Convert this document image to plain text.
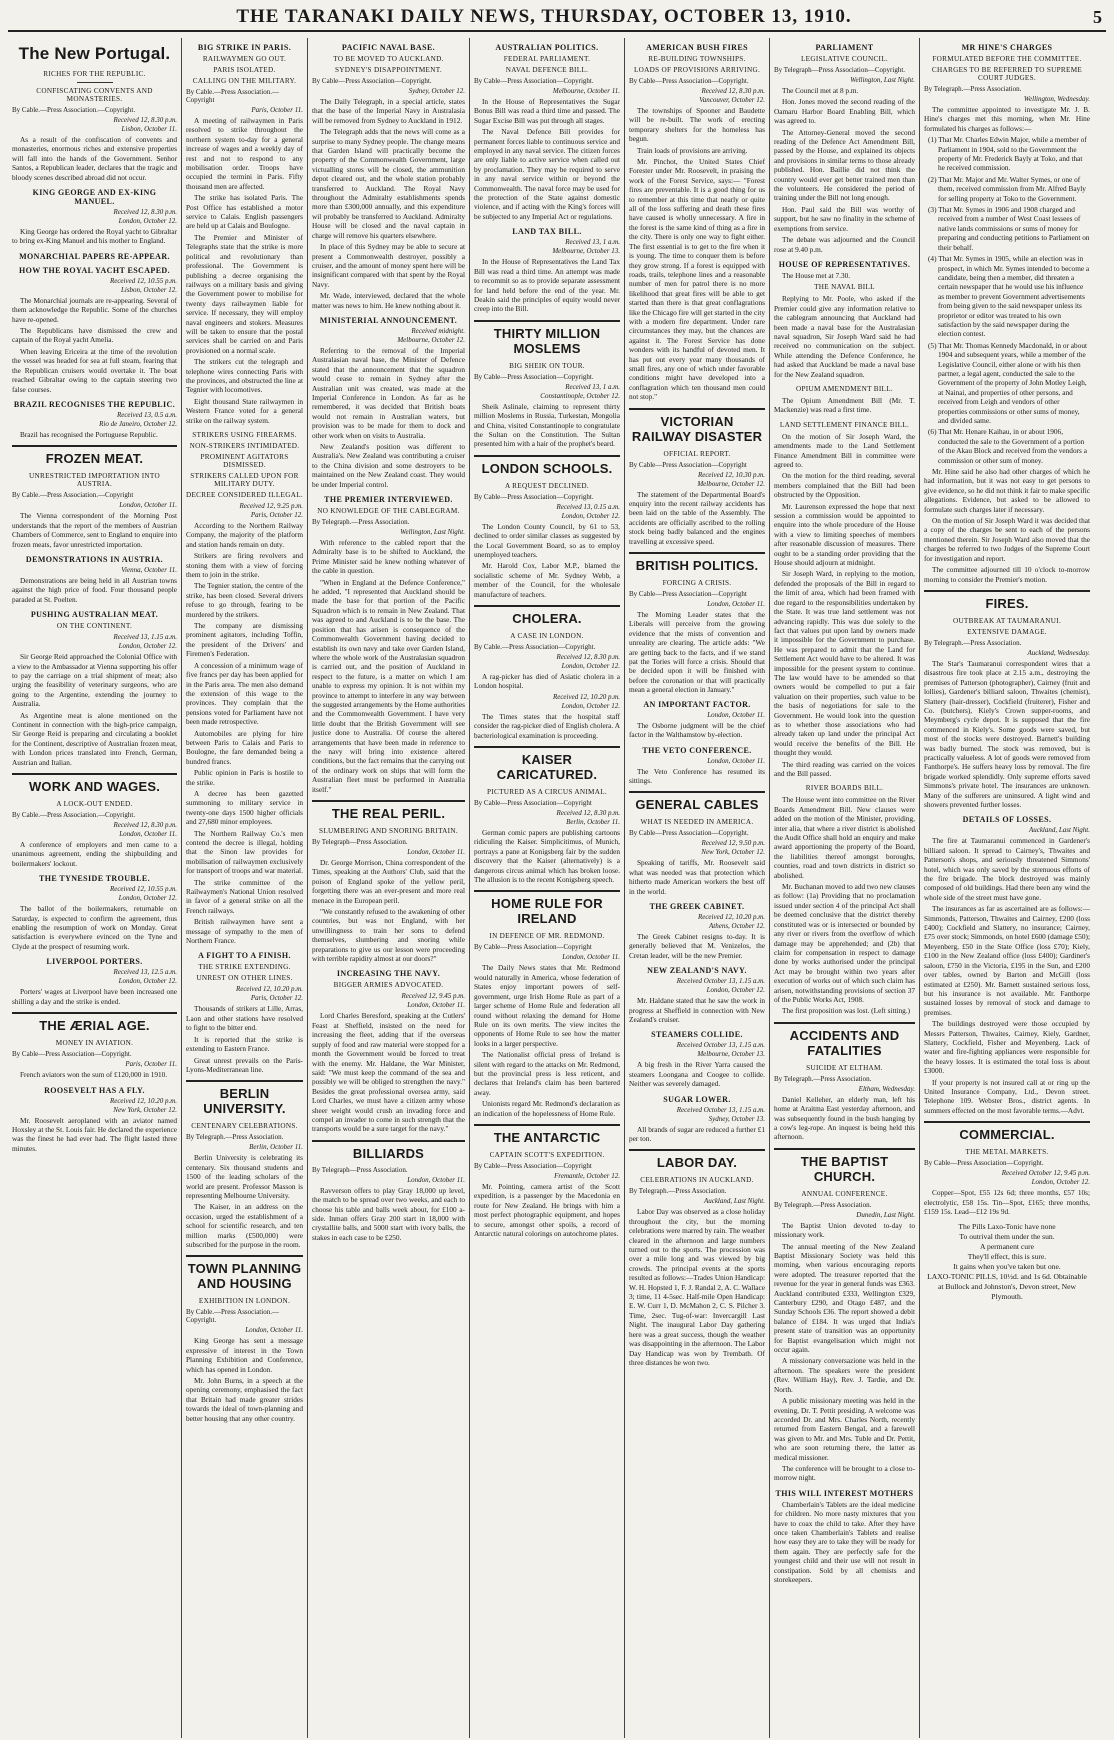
THE TARANAKI DAILY NEWS, THURSDAY, OCTOBER 13, 1910.	5
The New Portugal.
RICHES FOR THE REPUBLIC.
CONFISCATING CONVENTS AND MONASTERIES.
By Cable.—Press Association.—Copyright.
Received 12, 8.30 p.m.
Lisbon, October 11.

As a result of the confiscation of convents and monasteries, enormous riches and extensive properties will fall into the hands of the Government. Senhor Santos, a Republican leader, declares that the tragic and bloody scenes described abroad did not occur.

KING GEORGE AND EX-KING MANUEL.
Received 12, 8.30 p.m.
London, October 12.

King George has ordered the Royal yacht to Gibraltar to bring ex-King Manuel and his mother to England.

MONARCHIAL PAPERS RE-APPEAR.
HOW THE ROYAL YACHT ESCAPED.
Received 12, 10.55 p.m.
Lisbon, October 12.

The Monarchial journals are re-appearing. Several of them acknowledge the Republic. Some of the churches have re-opened.

The Republicans have dismissed the crew and captain of the Royal yacht Amelia.

When leaving Ericeira at the time of the revolution the vessel was headed for sea at full steam, fearing that the Republican cruisers would overtake it. The boat reached Gibraltar owing to the captain steering two false courses.

BRAZIL RECOGNISES THE REPUBLIC.
Received 13, 0.5 a.m.
Rio de Janeiro, October 12.

Brazil has recognised the Portuguese Republic.

FROZEN MEAT.
UNRESTRICTED IMPORTATION INTO AUSTRIA.
By Cable.—Press Association.—Copyright
London, October 11.

The Vienna correspondent of the Morning Post understands that the report of the members of Austrian Chambers of Commerce, sent to England to enquire into frozen meats, favor unrestricted importation.

DEMONSTRATIONS IN AUSTRIA.
Vienna, October 11.

Demonstrations are being held in all Austrian towns against the high price of food. Four thousand people paraded at St. Poelten.

PUSHING AUSTRALIAN MEAT.
ON THE CONTINENT.
Received 13, 1.15 a.m.
London, October 12.

Sir George Reid approached the Colonial Office with a view to the Ambassador at Vienna supporting his offer to pay the carriage on a trial shipment of meat; also urging the feasibility of veterinary surgeons, who are going to the Argentine, extending the journey to Australia.

As Argentine meat is alone mentioned on the Continent in connection with the high-price campaign, Sir George Reid is preparing and circulating a booklet for the Continent, descriptive of Australian frozen meat, with London prices translated into French, German, Austrian and Italian.

WORK AND WAGES.
A LOCK-OUT ENDED.
By Cable.—Press Association.—Copyright.
Received 12, 8.30 p.m.
London, October 11.

A conference of employers and men came to a unanimous agreement, ending the shipbuilding and boilermakers' lockout.

THE TYNESIDE TROUBLE.
Received 12, 10.55 p.m.
London, October 12.

The ballot of the boilermakers, returnable on Saturday, is expected to confirm the agreement, thus enabling the resumption of work on Monday. Great satisfaction is everywhere evinced on the Tyne and Clyde at the prospect of resuming work.

LIVERPOOL PORTERS.
Received 13, 12.5 a.m.
London, October 12.

Porters' wages at Liverpool have been increased one shilling a day and the strike is ended.

THE ÆRIAL AGE.
MONEY IN AVIATION.
By Cable—Press Association—Copyright.
Paris, October 11.

French aviators won the sum of £120,000 in 1910.

ROOSEVELT HAS A FLY.
Received 12, 10.20 p.m.
New York, October 12.

Mr. Roosevelt aeroplaned with an aviator named Hoxsley at the St. Louis fair. He declared the experience was the finest he had ever had. The flight lasted three minutes.

BIG STRIKE IN PARIS.
RAILWAYMEN GO OUT.
PARIS ISOLATED.
CALLING ON THE MILITARY.
By Cable.—Press Association.—Copyright
Paris, October 11.

A meeting of railwaymen in Paris resolved to strike throughout the northern system to-day for a general increase of wages and a weekly day of rest and not to respond to any mobilisation order. Troops have occupied the termini in Paris. Fifty thousand men are affected.

The strike has isolated Paris. The Post Office has established a motor service to Calais. English passengers are held up at Calais and Boulogne.

The Premier and Minister of Telegraphs state that the strike is more political and revolutionary than professional. The Government is publishing a decree organising the railways on a military basis and giving the Government power to mobilise for twenty days railwaymen liable for service. If necessary, they will employ naval engineers and stokers. Measures will be taken to ensure that the postal services shall be carried on and Paris provisioned on a normal scale.

The strikers cut the telegraph and telephone wires connecting Paris with the provinces, and obstructed the line at Tegnier with locomotives.

Eight thousand State railwaymen in Western France voted for a general strike on the railway system.

STRIKERS USING FIREARMS.
NON-STRIKERS INTIMIDATED.
PROMINENT AGITATORS DISMISSED.
STRIKERS CALLED UPON FOR MILITARY DUTY.
DECREE CONSIDERED ILLEGAL.
Received 12, 9.25 p.m.
Paris, October 12.

According to the Northern Railway Company, the majority of the platform and station hands remain on duty.

Strikers are firing revolvers and stoning them with a view of forcing them to join in the strike.

The Tegnier station, the centre of the strike, has been closed. Several drivers refuse to go through, fearing to be murdered by the strikers.

The company are dismissing prominent agitators, including Toffin, the president of the Drivers' and Firemen's Federation.

A concession of a minimum wage of five francs per day has been applied for in the Paris area. The men also demand the extension of this wage to the provinces. They complain that the pensions voted for Parliament have not been made retrospective.

Automobiles are plying for hire between Paris to Calais and Paris to Boulogne, the fare demanded being a hundred francs.

Public opinion in Paris is hostile to the strike.

A decree has been gazetted summoning to military service in twenty-one days 1500 higher officials and 27,680 minor employees.

The Northern Railway Co.'s men contend the decree is illegal, holding that the Sinon law provides for mobilisation of railwaymen exclusively for transport of troops and war material.

The strike committee of the Railwaymen's National Union resolved in favor of a general strike on all the French railways.

British railwaymen have sent a message of sympathy to the men of Northern France.

A FIGHT TO A FINISH.
THE STRIKE EXTENDING.
UNREST ON OTHER LINES.
Received 12, 10.20 p.m.
Paris, October 12.

Thousands of strikers at Lille, Arras, Laon and other stations have resolved to fight to the bitter end.

It is reported that the strike is extending to Eastern France.

Great unrest prevails on the Paris-Lyons-Mediterranean line.

BERLIN UNIVERSITY.
CENTENARY CELEBRATIONS.
By Telegraph.—Press Association.
Berlin, October 11.

Berlin University is celebrating its centenary. Six thousand students and 1500 of the leading scholars of the world are present. Professor Masson is representing Melbourne University.

The Kaiser, in an address on the occasion, urged the establishment of a school for scientific research, and ten million marks (£500,000) were subscribed for the purpose in the room.

TOWN PLANNING AND HOUSING
EXHIBITION IN LONDON.
By Cable.—Press Association.—Copyright.
London, October 11.

King George has sent a message expressive of interest in the Town Planning Exhibition and Conference, which has opened in London.

Mr. John Burns, in a speech at the opening ceremony, emphasised the fact that Britain had made greater strides towards the ideal of town-planning and better housing that any other country.

PACIFIC NAVAL BASE.
TO BE MOVED TO AUCKLAND.
SYDNEY'S DISAPPOINTMENT.
By Cable—Press Association—Copyright.
Sydney, October 12.

The Daily Telegraph, in a special article, states that the base of the Imperial Navy in Australasia will be removed from Sydney to Auckland in 1912.

The Telegraph adds that the news will come as a surprise to many Sydney people. The change means that Garden Island will practically become the property of the Commonwealth Government, large victualling stores will be closed, the ammunition depot cleared out, and the whole station probably transferred to Auckland. The Royal Navy throughout the Admiralty establishments spends more than £300,000 annually, and this expenditure wil probably be transferred to Auckland. Admiralty House will be closed and the naval captain in charge will remove his quarters elsewhere.

In place of this Sydney may be able to secure at present a Commonwealth destroyer, possibly a cruiser, and the amount of money spent here will be insignificant compared with that spent by the Royal Navy.

Mr. Wade, interviewed, declared that the whole matter was news to him. He knew nothing about it.

MINISTERIAL ANNOUNCEMENT.
Received midnight.
Melbourne, October 12.

Referring to the removal of the Imperial Australasian naval base, the Minister of Defence stated that the announcement that the squadron would cease to remain in Sydney after the Australian unit was created, was made at the Imperial Conference in London. As far as he remembered, it was decided that British boats would not remain in Australian waters, but provision was to be made for them to dock and other work when on visits to Australia.

New Zealand's position was different to Australia's. New Zealand was contributing a cruiser to the China division and some destroyers to be maintained on the New Zealand coast. They would be under Imperial control.

THE PREMIER INTERVIEWED.
NO KNOWLEDGE OF THE CABLEGRAM.
By Telegraph.—Press Association.
Wellington, Last Night.

With reference to the cabled report that the Admiralty base is to be shifted to Auckland, the Prime Minister said he knew nothing whatever of the cable in question.

"When in England at the Defence Conference," he added, "I represented that Auckland should be made the base for that portion of the Pacific Squadron which is to remain in New Zealand. That was agreed to and Auckland is to be the base. The position that has arisen is consequence of the Commonwealth Government having decided to establish its own navy and take over Garden Island, where the whole work of the Australasian squadron is carried out, and the position of Auckland in respect to the future, is a matter on which I am unable to express my opinion. It is not within my province to attempt to interfere in any way between the suggested arrangements by the Home authorities and the Commonwealth Government. I have very little doubt that the British Government will see justice done to Australia. Of course the altered arrangements that have been made in reference to the navy will bring into existence altered conditions, but the fact remains that the carrying out of the ordinary work on ships that will form the Australian fleet must be performed in Australia itself."

THE REAL PERIL.
SLUMBERING AND SNORING BRITAIN.
By Telegraph—Press Association.
London, October 11.

Dr. George Morrison, China correspondent of the Times, speaking at the Authors' Club, said that the poison of England spoke of the yellow peril, forgetting there was an ever-present and more real menace in the European peril.

"We constantly refused to the awakening of other countries, but was not England, with her unwillingness to train her sons to defend themselves, slumbering and snoring while preparations to give us our lesson were proceeding with terrible rapidity almost at our doors?"

INCREASING THE NAVY.
BIGGER ARMIES ADVOCATED.
Received 12, 9.45 p.m.
London, October 11.

Lord Charles Beresford, speaking at the Cutlers' Feast at Sheffield, insisted on the need for increasing the fleet, adding that if the overseas supply of food and raw material were stopped for a month the Government would be forced to treat with the enemy. Mr. Haldane, the War Minister, said: "We must keep the command of the sea and possibly we will be obliged to strengthen the navy." Besides the great professional oversea army, said Lord Charles, we must have a citizen army whose sheer weight would crush an invading force and compel an invader to come in such strength that the transports would be a sure target for the navy."

BILLIARDS
By Telegraph—Press Association.
London, October 11.

Ravverson offers to play Gray 18,000 up level, the match to be spread over two weeks, and each to choose his table and balls week about, for £100 a-side. Inman offers Gray 200 start in 18,000 with crystallite balls, and 5000 start with ivory balls, the stakes in each case to be £250.

AUSTRALIAN POLITICS.
FEDERAL PARLIAMENT.
NAVAL DEFENCE BILL.
By Cable—Press Association—Copyright.
Melbourne, October 11.

In the House of Representatives the Sugar Bonus Bill was read a third time and passed. The Sugar Excise Bill was put through all stages.

The Naval Defence Bill provides for permanent forces liable to continuous service and employed in any naval service. The citizen forces are only liable to active service when called out by proclamation. They may be required to serve in any naval service within or beyond the Commonwealth. The naval force may be used for the protection of the State against domestic violence, and if acting with the King's forces will be subjected to any Imperial Act or regulations.

LAND TAX BILL.
Received 13, 1 a.m.
Melbourne, October 13.

In the House of Representatives the Land Tax Bill was read a third time. An attempt was made to recommit so as to provide separate assessment for land held before the end of the year. Mr. Deakin said the principles of equity would never creep into the Bill.

THIRTY MILLION MOSLEMS
BIG SHEIK ON TOUR.
By Cable—Press Association—Copyright.
Received 13, 1 a.m.
Constantinople, October 12.

Sheik Aslinale, claiming to represent thirty million Moslems in Russia, Turkestan, Mongolia and China, visited Constantinople to congratulate the Sultan on the Constitution. The Sultan presented him with a hair of the prophet's beard.

LONDON SCHOOLS.
A REQUEST DECLINED.
By Cable—Press Association—Copyright.
Received 13, 0.15 a.m.
London, October 12.

The London County Council, by 61 to 53, declined to order similar classes as suggested by the Local Government Board, so as to employ unemployed teachers.

Mr. Harold Cox, Labor M.P., blamed the socialistic scheme of Mr. Sydney Webb, a member of the Council, for the wholesale manufacture of teachers.

CHOLERA.
A CASE IN LONDON.
By Cable.—Press Association—Copyright.
Received 12, 8.30 p.m.
London, October 12.

A rag-picker has died of Asiatic cholera in a London hospital.

Received 12, 10.20 p.m.
London, October 12.

The Times states that the hospital staff consider the rag-picker died of English cholera. A bacteriological examination is proceeding.

KAISER CARICATURED.
PICTURED AS A CIRCUS ANIMAL.
By Cable—Press Association—Copyright
Received 12, 8.30 p.m.
Berlin, October 11.

German comic papers are publishing cartoons ridiculing the Kaiser. Simplicitimus, of Munich, portrays a pane at Konigsberg fair by the sudden discovery that the Kaiser (alternatively) is a dangerous circus animal which has broken loose. The allusion is to the recent Konigsberg speech.

HOME RULE FOR IRELAND
IN DEFENCE OF MR. REDMOND.
By Cable—Press Association—Copyright
London, October 11.

The Daily News states that Mr. Redmond would naturally in America, whose federation of States enjoy important powers of self-government, urge Irish Home Rule as part of a larger scheme of Home Rule and federation all round without relaxing the demand for Home Rule on its own merits. The view incites the opponents of Home Rule to see how the matter looks in a larger perspective.

The Nationalist official press of Ireland is silent with regard to the attacks on Mr. Redmond, but the provincial press is less reticent, and declares that Ireland's claim has been bartered away.

Unionists regard Mr. Redmond's declaration as an indication of the hopelessness of Home Rule.

THE ANTARCTIC
CAPTAIN SCOTT'S EXPEDITION.
By Cable—Press Association—Copyright
Fremantle, October 12.

Mr. Pointing, camera artist of the Scott expedition, is a passenger by the Macedonia en route for New Zealand. He brings with him a most perfect photographic equipment, and hopes to secure, amongst other spoils, a record of Antarctic natural colorings on autochrome plates.

AMERICAN BUSH FIRES
RE-BUILDING TOWNSHIPS.
LOADS OF PROVISIONS ARRIVING.
By Cable—Press Association—Copyright.
Received 12, 8.30 p.m.
Vancouver, October 12.

The townships of Spooner and Baudette will be re-built. The work of erecting temporary shelters for the homeless has begun.

Train loads of provisions are arriving.

Mr. Pinchot, the United States Chief Forester under Mr. Roosevelt, in praising the work of the Forest Service, says:— "Forest fires are preventable. It is a good thing for us to remember at this time that nearly or quite all of the loss suffering and death these fires have caused is wholly unnecessary. A fire in the forest is the same kind of thing as a fire in the city. There is only one way to fight either. The first essential is to get to the fire when it is young. The time to conquer them is before they grow strong. If a forest is equipped with roads, trails, telephone lines and a reasonable number of men for patrol there is no more likelihood that great fires will be able to get started than there is that great conflagrations like the Chicago fire will get started in the city with a modern fire department. Under rare circumstances they may, but the chances are against it. The Forest Service has done wonders with its handful of devoted men. It has put out every year many thousands of small fires, any one of which under favorable conditions might have developed into a conflagration which ten thousand men could not stop."

VICTORIAN RAILWAY DISASTER
OFFICIAL REPORT.
By Cable—Press Association—Copyright
Received 12, 10.30 p.m.
Melbourne, October 12.

The statement of the Departmental Board's enquiry into the recent railway accidents has been laid on the table of the Assembly. The accidents are officially ascribed to the rolling stock being badly balanced and the engines travelling at excessive speed.

BRITISH POLITICS.
FORCING A CRISIS.
By Cable—Press Association—Copyright
London, October 11.

The Morning Leader states that the Liberals will perceive from the growing evidence that the mists of convention and unreality are clearing. The article adds: "We are getting back to the facts, and if we stand pat the Tories will force a crisis. Should that be decided upon it will be finished with before the coronation or that will practically mean a general election in January."

AN IMPORTANT FACTOR.
London, October 11.

The Osborne judgment will be the chief factor in the Walthamstow by-election.

THE VETO CONFERENCE.
London, October 11.

The Veto Conference has resumed its sittings.

GENERAL CABLES
WHAT IS NEEDED IN AMERICA.
By Cable—Press Association—Copyright.
Received 12, 9.50 p.m.
New York, October 12.

Speaking of tariffs, Mr. Roosevelt said what was needed was that protection which hitherto made American workers the best off in the world.

THE GREEK CABINET.
Received 12, 10.20 p.m.
Athens, October 12.

The Greek Cabinet resigns to-day. It is generally believed that M. Venizelos, the Cretan leader, will be the new Premier.

NEW ZEALAND'S NAVY.
Received October 13, 1.15 a.m.
London, October 12.

Mr. Haldane stated that he saw the work in progress at Sheffield in connection with New Zealand's cruiser.

STEAMERS COLLIDE.
Received October 13, 1.15 a.m.
Melbourne, October 13.

A big fresh in the River Yarra caused the steamers Loongana and Coogee to collide. Neither was severely damaged.

SUGAR LOWER.
Received October 13, 1.15 a.m.
Sydney, October 13.

All brands of sugar are reduced a further £1 per ton.

LABOR DAY.
CELEBRATIONS IN AUCKLAND.
By Telegraph.—Press Association.
Auckland, Last Night.

Labor Day was observed as a close holiday throughout the city, but the morning celebrations were marred by rain. The weather cleared in the afternoon and large numbers turned out to the sports. The procession was over a mile long and was viewed by big crowds. The principal events at the sports resulted as follows:—Trades Union Handicap: W. H. Hopsted 1, F. J. Randal 2, A. C. Wallace 3; time, 11 4-5sec. Half-mile Open Handicap: E. W. Curr 1, D. McMahon 2, C. S. Pilcher 3. Time, 2sec. Tug-of-war: Invercargill Last Night. The inaugural Labor Day gathering here was a great success, though the weather was disappointing in the afternoon. The Labor Day Handicap was won by Trembath. Of three distances he won two.

PARLIAMENT
LEGISLATIVE COUNCIL.
By Telegraph—Press Association—Copyright.
Wellington, Last Night.

The Council met at 8 p.m.

Hon. Jones moved the second reading of the Oamaru Harbor Board Enabling Bill, which was agreed to.

The Attorney-General moved the second reading of the Defence Act Amendment Bill, passed by the House, and explained its objects and provisions in similar terms to those already published. Hon. Baillie did not think the country would ever get better trained men than the volunteers. He considered the period of training under the Bill not long enough.

Hon. Paul said the Bill was worthy of support, but he saw no finality in the scheme of exemptions from service.

The debate was adjourned and the Council rose at 9.40 p.m.

HOUSE OF REPRESENTATIVES.

The House met at 7.30.

THE NAVAL BILL

Replying to Mr. Poole, who asked if the Premier could give any information relative to the cablegram announcing that Auckland had been made a naval base for the Australasian naval squadron, Sir Joseph Ward said he had received no communication on the subject. While attending the Defence Conference, he had asked that Auckland be made a naval base for the New Zealand squadron.

OPIUM AMENDMENT BILL.

The Opium Amendment Bill (Mr. T. Mackenzie) was read a first time.

LAND SETTLEMENT FINANCE BILL.

On the motion of Sir Joseph Ward, the amendments made to the Land Settlement Finance Amendment Bill in committee were agreed to.

On the motion for the third reading, several members complained that the Bill had been obstructed by the Opposition.

Mr. Laurenson expressed the hope that next session a commission would be appointed to enquire into the whole procedure of the House with a view to limiting speeches of members after reasonable discussion of measures. There ought to be a standing order providing that the House should adjourn at midnight.

Sir Joseph Ward, in replying to the motion, defended the proposals of the Bill in regard to the limit of area, which had been framed with due regard to the responsibilities undertaken by the State. It was true land settlement was not advancing rapidly. This was due solely to the fact that values put upon land by owners made it impossible for the Government to purchase. He was prepared to admit that the Land for Settlement Act would have to be altered. It was impossible for the present system to continue. The law would have to be amended so that owners would be compelled to put a fair valuation on their properties, such value to be the basis of negotiations for sale to the Government. He would look into the question as to whether those associations who had already taken up land under the principal Act would receive the benefits of the Bill. He thought they would.

The third reading was carried on the voices and the Bill passed.

RIVER BOARDS BILL.

The House went into committee on the River Boards Amendment Bill. New clauses were added on the motion of the Minister, providing, inter alia, that where a river district is abolished the Audit Office shall hold an enquiry and make award apportioning the property of the Board, the liabilities thereof amongst boroughs, counties, road and town districts in district so abolished.

Mr. Buchanan moved to add two new clauses as follow: (1a) Providing that no proclamation issued under section 4 of the principal Act shall be deemed conclusive that the district thereby constituted was or is intersected or bounded by any river or rivers from the overflow of which damage may be apprehended; and (2b) that claim for compensation in respect to damage done by works authorised under the principal Act may be brought within two years after execution of works out of which such claim has arisen, notwithstanding provisions of section 37 of the Public Works Act, 1908.

The first proposition was lost. (Left sitting.)

ACCIDENTS AND FATALITIES
SUICIDE AT ELTHAM.
By Telegraph.—Press Association.
Eltham, Wednesday.

Daniel Kelleher, an elderly man, left his home at Araitma East yesterday afternoon, and was subsequently found in the bush hanging by a cow's leg-rope. An inquest is being held this afternoon.

THE BAPTIST CHURCH.
ANNUAL CONFERENCE.
By Telegraph.—Press Association.
Dunedin, Last Night.

The Baptist Union devoted to-day to missionary work.

The annual meeting of the New Zealand Baptist Missionary Society was held this morning, when various encouraging reports were adopted. The treasurer reported that the revenue for the year in general funds was £363. Auckland contributed £333, Wellington £329, Canterbury £290, and Otago £487, and the Sunday Schools £36. The report showed a debit balance of £184. It was urged that India's present state of transition was an opportunity for Baptist evangelisation which might not occur again.

A missionary conversazione was held in the afternoon. The speakers were the president (Rev. William Hay), Rev. J. Tardie, and Dr. North.

A public missionary meeting was held in the evening, Dr. T. Pettit presiding. A welcome was accorded Dr. and Mrs. Charles North, recently returned from Eastern Bengal, and a farewell was given to Mr. and Mrs. Tuble and Dr. Pettit, who are soon returning there, the latter as medical missioner.

The conference will be brought to a close to-morrow night.

THIS WILL INTEREST MOTHERS

Chamberlain's Tablets are the ideal medicine for children. No more nasty mixtures that you have to coax the child to take. After they have once taken Chamberlain's Tablets and realise how easy they are to take they will be ready for them again. They are perfectly safe for the youngest child and their use will not result in constipation. Sold by all chemists and storekeepers.

MR HINE'S CHARGES
FORMULATED BEFORE THE COMMITTEE.
CHARGES TO BE REFERRED TO SUPREME COURT JUDGES.
By Telegraph.—Press Association.
Wellington, Wednesday.

The committee appointed to investigate Mr. J. B. Hine's charges met this morning, when Mr. Hine formulated his charges as follows:—

(1) That Mr. Charles Edwin Major, while a member of Parliament in 1904, sold to the Government the property of Mr. Frederick Bayly at Toko, and that he received commission.
(2) That Mr. Major and Mr. Walter Symes, or one of them, received commission from Mr. Alfred Bayly for selling property at Toko to the Government.
(3) That Mr. Symes in 1906 and 1908 charged and received from a number of West Coast lessees of native lands commissions or sums of money for preparing and conducting petitions to Parliament on their behalf.
(4) That Mr. Symes in 1905, while an election was in prospect, in which Mr. Symes intended to become a candidate, being then a member, did threaten a certain newspaper that he would use his influence as member to prevent Government advertisements from being given to the said newspaper unless its proprietor or editor was treated to his own satisfaction by the said newspaper during the election contest.
(5) That Mr. Thomas Kennedy Macdonald, in or about 1904 and subsequent years, while a member of the Legislative Council, either alone or with his then partner, a legal agent, conducted the sale to the Government of the property of John Motley Leigh, at Nainai, and properties of other persons, and received from Leigh and vendors of other properties commissions or other sums of money, and divided same.
(6) That Mr. Henare Kaihau, in or about 1906, conducted the sale to the Government of a portion of the Akau Block and received from the vendors a commission or other sum of money.

Mr. Hine said he also had other charges of which he had information, but it was not easy to get persons to give evidence, so he did not think it fair to make specific allegations. Evidence, but asked to be allowed to formulate such charges later if necessary.

On the motion of Sir Joseph Ward it was decided that a copy of the charges be sent to each of the persons mentioned therein. Sir Joseph Ward also moved that the charges be referred to two Judges of the Supreme Court for investigation and report.

The committee adjourned till 10 o'clock to-morrow morning to consider the Premier's motion.

FIRES.
OUTBREAK AT TAUMARANUI.
EXTENSIVE DAMAGE.
By Telegraph.—Press Association.
Auckland, Wednesday.

The Star's Taumaranui correspondent wires that a disastrous fire took place at 2.15 a.m., destroying the premises of Patterson (photographer), Cairney (fruit and lollies), Gardener's billiard saloon, Thwaites (chemist), Slattery (hair-dresser), Cockfield (fruiterer), Fisher and Co. (butchers), Kiely's Crown supper-rooms, and Meymberg's cycle depot. It is supposed that the fire commenced in Kiely's. Some goods were saved, but most of the stocks were destroyed. Barnett's building was badly burned. The stock was removed, but is practically valueless. A lot of goods were removed from Fanthorpe's. He suffers heavy loss by removal. The fire brigade worked splendidly. Only supreme efforts saved Simmons's private hotel. The insurances are unknown. Many of the sufferers are uninsured. A light wind and showers prevented further losses.

DETAILS OF LOSSES.
Auckland, Last Night.

The fire at Taumaranui commenced in Gardener's billiard saloon. It spread to Cairney's, Thwaites and Patterson's shops, and seriously threatened Simmons' hotel, which was only saved by the strenuous efforts of the fire brigade. The block destroyed was mainly composed of old buildings. Had there been any wind the whole side of the street must have gone.

The insurances as far as ascertained are as follows:—Simmonds, Patterson, Thwaites and Cairney, £200 (loss £400); Cockfield and Slattery, no insurance; Cairney, £75 over stock; Simmonds, on hotel £600 (damage £50); Meyenberg, £50 in the State Office (loss £70); Kiely, £100 in the New Zealand office (loss £400); Gardiner's saloon, £750 in the Victoria, £195 in the Sun, and £200 over tables, owned by Barton and McGill (loss estimated at £250). Mr. Barnett sustained serious loss, but his insurance is not available. Mr. Fanthorpe sustained losses by removal of stock and damage to premises.

The buildings destroyed were those occupied by Messrs Patterson, Thwaites, Cairney, Kiely, Gardner, Slattery, Cockfield, Fisher and Meyenberg. Lack of water and fire-fighting appliances were responsible for the heavy losses. It is estimated the total loss is about £3000.

If your property is not insured call at or ring up the United Insurance Company, Ltd., Devon street. Telephone 109. Webster Bros., district agents. In summers effected on the most favorable terms.—Advt.

COMMERCIAL.
THE METAL MARKETS.
By Cable—Press Association—Copyright.
Received October 12, 9.45 p.m.
London, October 12.

Copper—Spot, £55 12s 6d; three months, £57 10s; electrolytic, £58 15s. Tin—Spot, £165; three months, £159 15s. Lead—£12 19s 9d.

The Pills Laxo-Tonic have none
To outrival them under the sun.
A permanent cure
They'll effect, this is sure.
It gains when you've taken but one.
LAXO-TONIC PILLS, 10½d. and 1s 6d. Obtainable at Bullock and Johnston's, Devon street, New Plymouth.
